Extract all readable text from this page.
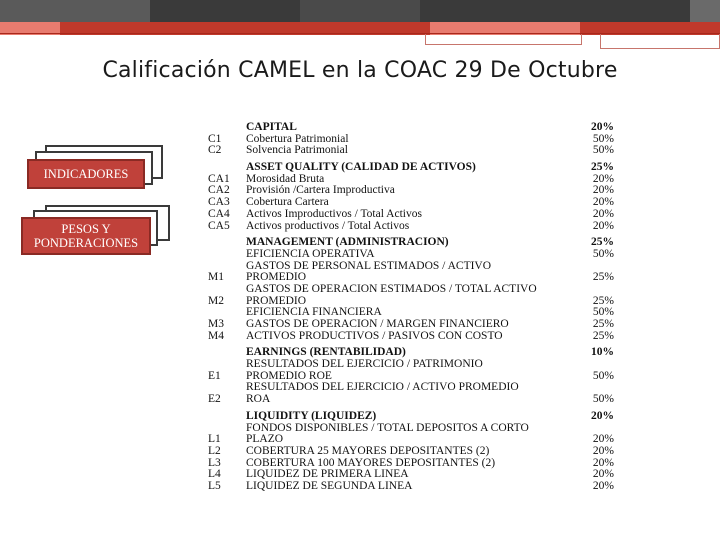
Calificación CAMEL en la COAC 29 De Octubre
INDICADORES
PESOS Y
PONDERACIONES
CAPITAL	20%
C1 Cobertura Patrimonial	50%
C2 Solvencia Patrimonial	50%
ASSET QUALITY (CALIDAD DE ACTIVOS)	25%
CA1 Morosidad Bruta	20%
CA2 Provisión /Cartera Improductiva	20%
CA3 Cobertura Cartera	20%
CA4 Activos Improductivos / Total Activos	20%
CA5 Activos productivos / Total Activos	20%
MANAGEMENT (ADMINISTRACION)	25%
EFICIENCIA OPERATIVA	50%
GASTOS DE PERSONAL ESTIMADOS / ACTIVO
M1 PROMEDIO	25%
GASTOS DE OPERACION ESTIMADOS / TOTAL ACTIVO
M2 PROMEDIO	25%
EFICIENCIA FINANCIERA	50%
M3 GASTOS DE OPERACION / MARGEN FINANCIERO	25%
M4 ACTIVOS PRODUCTIVOS / PASIVOS CON COSTO	25%
EARNINGS (RENTABILIDAD)	10%
RESULTADOS DEL EJERCICIO / PATRIMONIO
E1 PROMEDIO ROE	50%
RESULTADOS DEL EJERCICIO / ACTIVO PROMEDIO
E2 ROA	50%
LIQUIDITY (LIQUIDEZ)	20%
FONDOS DISPONIBLES / TOTAL DEPOSITOS A CORTO
L1 PLAZO	20%
L2 COBERTURA 25 MAYORES DEPOSITANTES (2)	20%
L3 COBERTURA 100 MAYORES DEPOSITANTES (2)	20%
L4 LIQUIDEZ DE PRIMERA LINEA	20%
L5 LIQUIDEZ DE SEGUNDA LINEA	20%
